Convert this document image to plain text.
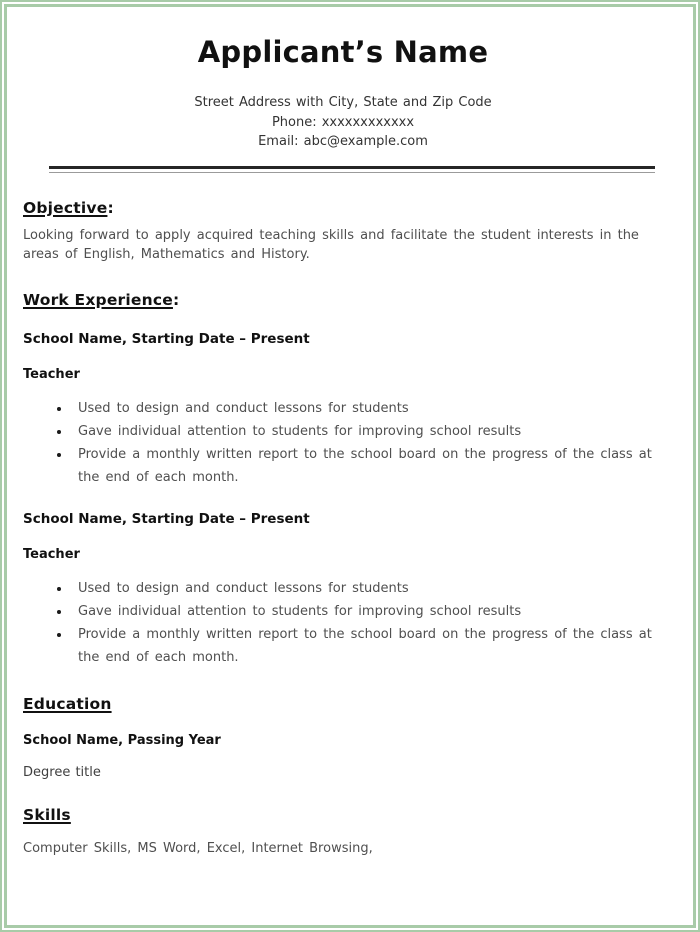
Applicant’s Name
Street Address with City, State and Zip Code
Phone: xxxxxxxxxxxx
Email: abc@example.com
Objective:

Looking forward to apply acquired teaching skills and facilitate the student interests in the areas of English, Mathematics and History.

Work Experience:
School Name, Starting Date – Present
Teacher
• Used to design and conduct lessons for students
• Gave individual attention to students for improving school results
• Provide a monthly written report to the school board on the progress of the class at the end of each month.
School Name, Starting Date – Present
Teacher
• Used to design and conduct lessons for students
• Gave individual attention to students for improving school results
• Provide a monthly written report to the school board on the progress of the class at the end of each month.
Education
School Name, Passing Year
Degree title
Skills
Computer Skills, MS Word, Excel, Internet Browsing,
